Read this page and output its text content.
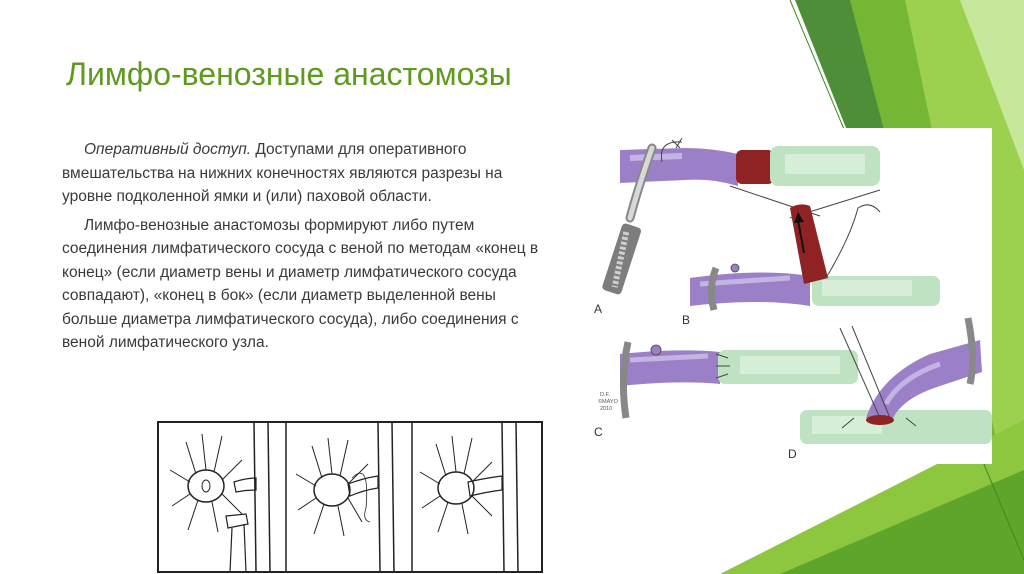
Лимфо-венозные анастомозы

Оперативный доступ. Доступами для оперативного вмешательства на нижних конечностях являются разрезы на уровне подколенной ямки и (или) паховой области.

Лимфо-венозные анастомозы формируют либо путем соединения лимфатического сосуда с веной по методам «конец в конец» (если диаметр вены и диаметр лимфатического сосуда совпадают), «конец в бок» (если диаметр выделенной вены больше диаметра лимфатического сосуда), либо соединения с веной лимфатического узла.

B
D.F.
©MAYO
2010
C
D
A
